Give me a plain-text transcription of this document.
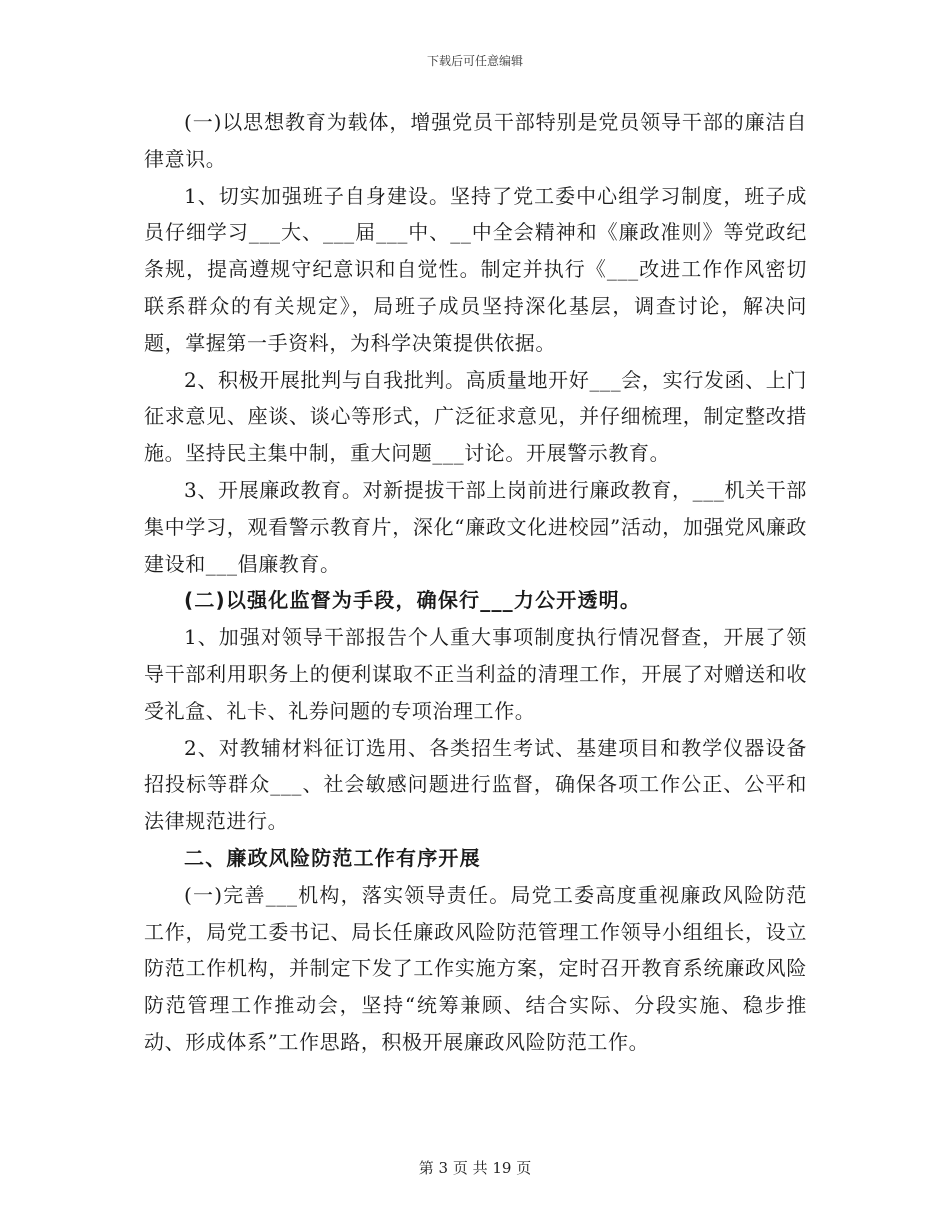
下载后可任意编辑

(一)以思想教育为载体，增强党员干部特别是党员领导干部的廉洁自律意识。

1、切实加强班子自身建设。坚持了党工委中心组学习制度，班子成员仔细学习___大、___届___中、__中全会精神和《廉政准则》等党政纪条规，提高遵规守纪意识和自觉性。制定并执行《___改进工作作风密切联系群众的有关规定》，局班子成员坚持深化基层，调查讨论，解决问题，掌握第一手资料，为科学决策提供依据。

2、积极开展批判与自我批判。高质量地开好___会，实行发函、上门征求意见、座谈、谈心等形式，广泛征求意见，并仔细梳理，制定整改措施。坚持民主集中制，重大问题___讨论。开展警示教育。

3、开展廉政教育。对新提拔干部上岗前进行廉政教育，___机关干部集中学习，观看警示教育片，深化“廉政文化进校园”活动，加强党风廉政建设和___倡廉教育。

(二)以强化监督为手段，确保行___力公开透明。

1、加强对领导干部报告个人重大事项制度执行情况督查，开展了领导干部利用职务上的便利谋取不正当利益的清理工作，开展了对赠送和收受礼盒、礼卡、礼券问题的专项治理工作。

2、对教辅材料征订选用、各类招生考试、基建项目和教学仪器设备招投标等群众___、社会敏感问题进行监督，确保各项工作公正、公平和法律规范进行。

二、廉政风险防范工作有序开展

(一)完善___机构，落实领导责任。局党工委高度重视廉政风险防范工作，局党工委书记、局长任廉政风险防范管理工作领导小组组长，设立防范工作机构，并制定下发了工作实施方案，定时召开教育系统廉政风险防范管理工作推动会，坚持“统筹兼顾、结合实际、分段实施、稳步推动、形成体系”工作思路，积极开展廉政风险防范工作。

第 3 页 共 19 页
